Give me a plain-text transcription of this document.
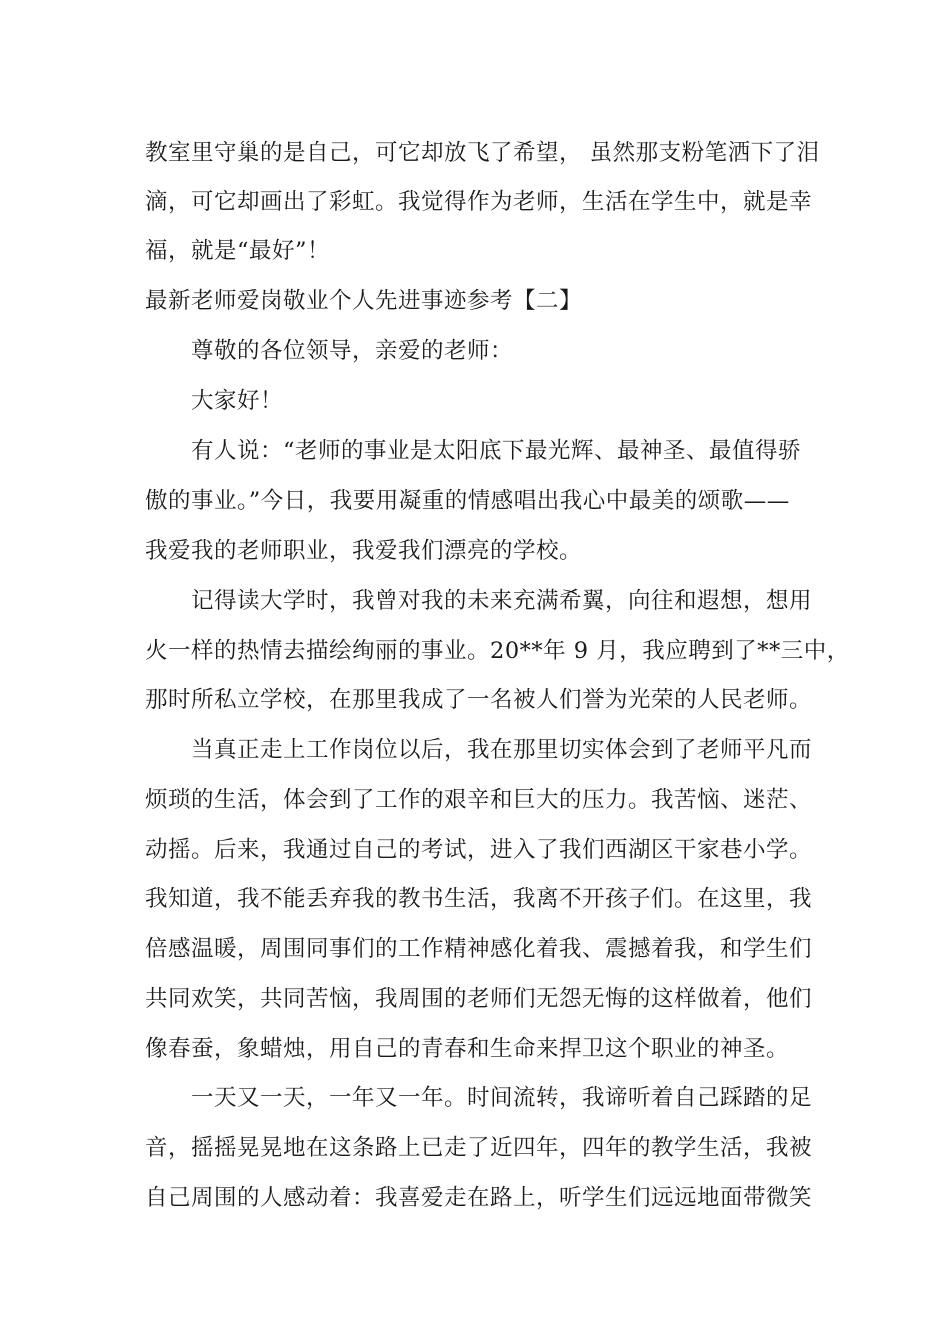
教室里守巢的是自己，可它却放飞了希望， 虽然那支粉笔洒下了泪
滴，可它却画出了彩虹。我觉得作为老师，生活在学生中，就是幸
福，就是“最好”！
最新老师爱岗敬业个人先进事迹参考【二】
尊敬的各位领导，亲爱的老师：
大家好！
有人说：“老师的事业是太阳底下最光辉、最神圣、最值得骄
傲的事业。”今日，我要用凝重的情感唱出我心中最美的颂歌——
我爱我的老师职业，我爱我们漂亮的学校。
记得读大学时，我曾对我的未来充满希翼，向往和遐想，想用
火一样的热情去描绘绚丽的事业。20**年 9 月，我应聘到了**三中，
那时所私立学校，在那里我成了一名被人们誉为光荣的人民老师。
当真正走上工作岗位以后，我在那里切实体会到了老师平凡而
烦琐的生活，体会到了工作的艰辛和巨大的压力。我苦恼、迷茫、
动摇。后来，我通过自己的考试，进入了我们西湖区干家巷小学。
我知道，我不能丢弃我的教书生活，我离不开孩子们。在这里，我
倍感温暖，周围同事们的工作精神感化着我、震撼着我，和学生们
共同欢笑，共同苦恼，我周围的老师们无怨无悔的这样做着，他们
像春蚕，象蜡烛，用自己的青春和生命来捍卫这个职业的神圣。
一天又一天，一年又一年。时间流转，我谛听着自己踩踏的足
音，摇摇晃晃地在这条路上已走了近四年，四年的教学生活，我被
自己周围的人感动着：我喜爱走在路上，听学生们远远地面带微笑
